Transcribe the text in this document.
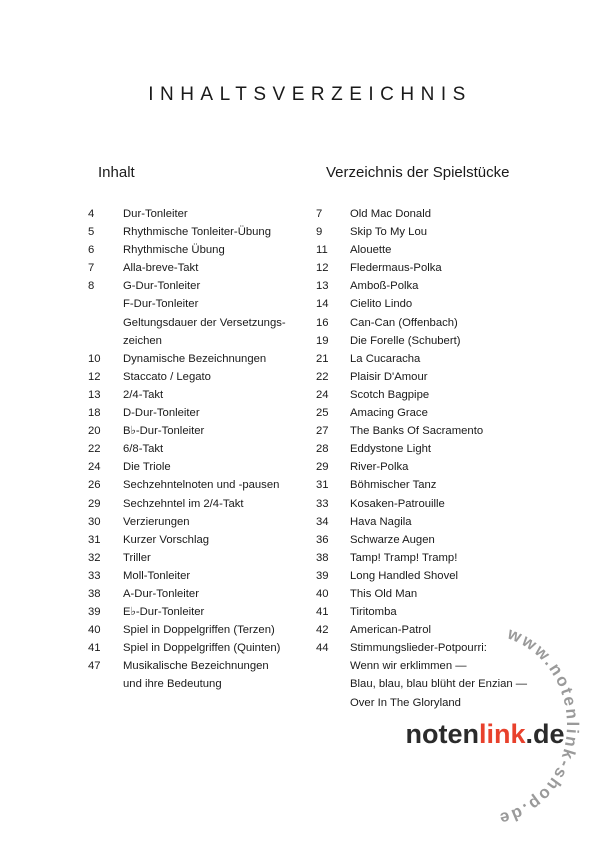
INHALTSVERZEICHNIS
Inhalt	Verzeichnis der Spielstücke
4	Dur-Tonleiter
5	Rhythmische Tonleiter-Übung
6	Rhythmische Übung
7	Alla-breve-Takt
8	G-Dur-Tonleiter
F-Dur-Tonleiter
Geltungsdauer der Versetzungs-
zeichen
10	Dynamische Bezeichnungen
12	Staccato / Legato
13	2/4-Takt
18	D-Dur-Tonleiter
20	B♭-Dur-Tonleiter
22	6/8-Takt
24	Die Triole
26	Sechzehntelnoten und -pausen
29	Sechzehntel im 2/4-Takt
30	Verzierungen
31	Kurzer Vorschlag
32	Triller
33	Moll-Tonleiter
38	A-Dur-Tonleiter
39	E♭-Dur-Tonleiter
40	Spiel in Doppelgriffen (Terzen)
41	Spiel in Doppelgriffen (Quinten)
47	Musikalische Bezeichnungen
und ihre Bedeutung
7	Old Mac Donald
9	Skip To My Lou
11	Alouette
12	Fledermaus-Polka
13	Amboß-Polka
14	Cielito Lindo
16	Can-Can (Offenbach)
19	Die Forelle (Schubert)
21	La Cucaracha
22	Plaisir D'Amour
24	Scotch Bagpipe
25	Amacing Grace
27	The Banks Of Sacramento
28	Eddystone Light
29	River-Polka
31	Böhmischer Tanz
33	Kosaken-Patrouille
34	Hava Nagila
36	Schwarze Augen
38	Tamp! Tramp! Tramp!
39	Long Handled Shovel
40	This Old Man
41	Tiritomba
42	American-Patrol
44	Stimmungslieder-Potpourri:
Wenn wir erklimmen —
Blau, blau, blau blüht der Enzian —
Over In The Gloryland
www.notenlink-shop.de
notenlink.de
